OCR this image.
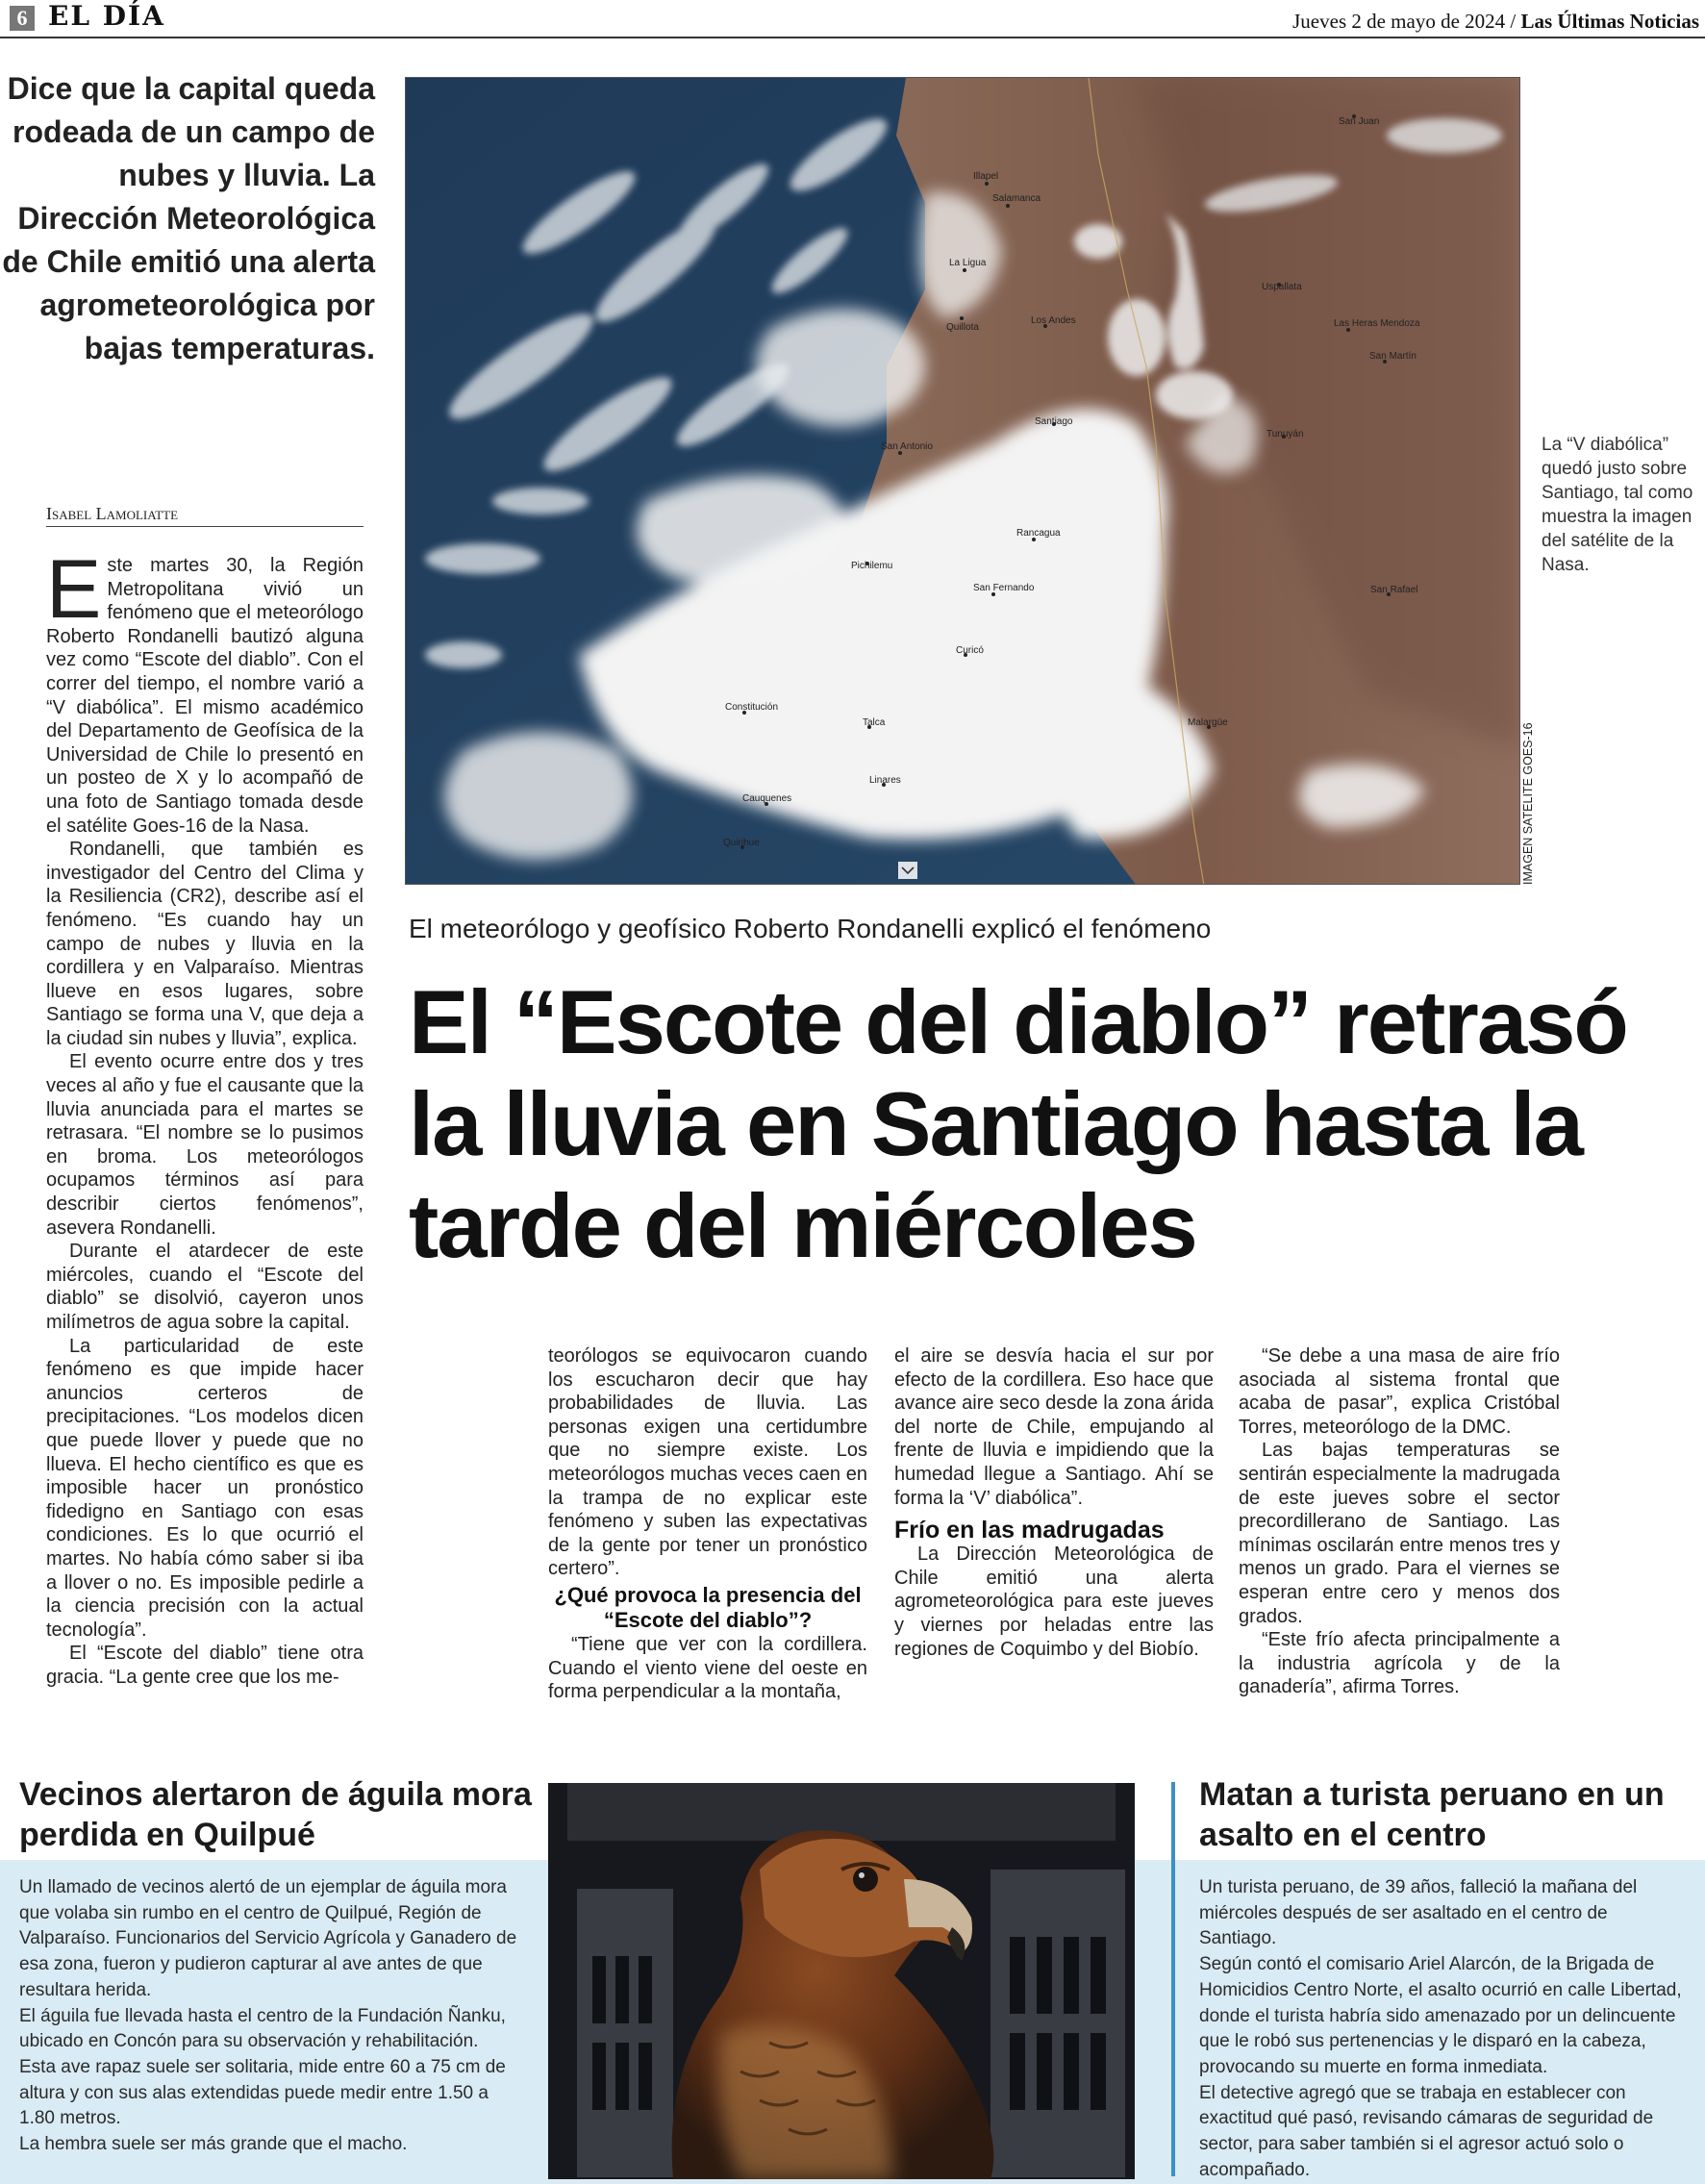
6 EL DÍA	Jueves 2 de mayo de 2024 / Las Últimas Noticias
Dice que la capital queda rodeada de un campo de nubes y lluvia. La Dirección Meteorológica de Chile emitió una alerta agrometeorológica por bajas temperaturas.
Isabel Lamoliatte
E ste martes 30, la Región Metropolitana vivió un fenómeno que el meteorólogo Roberto Rondanelli bautizó alguna vez como “Escote del diablo”. Con el correr del tiempo, el nombre varió a “V diabólica”. El mismo académico del Departamento de Geofísica de la Universidad de Chile lo presentó en un posteo de X y lo acompañó de una foto de Santiago tomada desde el satélite Goes-16 de la Nasa.

Rondanelli, que también es investigador del Centro del Clima y la Resiliencia (CR2), describe así el fenómeno. “Es cuando hay un campo de nubes y lluvia en la cordillera y en Valparaíso. Mientras llueve en esos lugares, sobre Santiago se forma una V, que deja a la ciudad sin nubes y lluvia”, explica.

El evento ocurre entre dos y tres veces al año y fue el causante que la lluvia anunciada para el martes se retrasara. “El nombre se lo pusimos en broma. Los meteorólogos ocupamos términos así para describir ciertos fenómenos”, asevera Rondanelli.

Durante el atardecer de este miércoles, cuando el “Escote del diablo” se disolvió, cayeron unos milímetros de agua sobre la capital.

La particularidad de este fenómeno es que impide hacer anuncios certeros de precipitaciones. “Los modelos dicen que puede llover y puede que no llueva. El hecho científico es que es imposible hacer un pronóstico fidedigno en Santiago con esas condiciones. Es lo que ocurrió el martes. No había cómo saber si iba a llover o no. Es imposible pedirle a la ciencia precisión con la actual tecnología”.

El “Escote del diablo” tiene otra gracia. “La gente cree que los me-

Illapel
Salamanca
La Ligua
Quillota
Los Andes
San Juan
Uspallata
Las Heras Mendoza
San Martín
Santiago
Tunuyán
San Antonio
Rancagua
Pichilemu
San Fernando	San Rafael
Curicó
Constitución
Talca	Malargüe
Linares
Cauquenes
Quirihue	IMAGEN SATELITE GOES-16
La “V diabólica” quedó justo sobre Santiago, tal como muestra la imagen del satélite de la Nasa.
El meteorólogo y geofísico Roberto Rondanelli explicó el fenómeno
El “Escote del diablo” retrasó la lluvia en Santiago hasta la tarde del miércoles

teorólogos se equivocaron cuando los escucharon decir que hay probabilidades de lluvia. Las personas exigen una certidumbre que no siempre existe. Los meteorólogos muchas veces caen en la trampa de no explicar este fenómeno y suben las expectativas de la gente por tener un pronóstico certero”.

¿Qué provoca la presencia del “Escote del diablo”?

“Tiene que ver con la cordillera. Cuando el viento viene del oeste en forma perpendicular a la montaña,

el aire se desvía hacia el sur por efecto de la cordillera. Eso hace que avance aire seco desde la zona árida del norte de Chile, empujando al frente de lluvia e impidiendo que la humedad llegue a Santiago. Ahí se forma la ‘V’ diabólica”.

Frío en las madrugadas

La Dirección Meteorológica de Chile emitió una alerta agrometeorológica para este jueves y viernes por heladas entre las regiones de Coquimbo y del Biobío.

“Se debe a una masa de aire frío asociada al sistema frontal que acaba de pasar”, explica Cristóbal Torres, meteorólogo de la DMC.

Las bajas temperaturas se sentirán especialmente la madrugada de este jueves sobre el sector precordillerano de Santiago. Las mínimas oscilarán entre menos tres y menos un grado. Para el viernes se esperan entre cero y menos dos grados.

“Este frío afecta principalmente a la industria agrícola y de la ganadería”, afirma Torres.

Vecinos alertaron de águila mora perdida en Quilpué

Un llamado de vecinos alertó de un ejemplar de águila mora que volaba sin rumbo en el centro de Quilpué, Región de Valparaíso. Funcionarios del Servicio Agrícola y Ganadero de esa zona, fueron y pudieron capturar al ave antes de que resultara herida.

El águila fue llevada hasta el centro de la Fundación Ñanku, ubicado en Concón para su observación y rehabilitación.

Esta ave rapaz suele ser solitaria, mide entre 60 a 75 cm de altura y con sus alas extendidas puede medir entre 1.50 a 1.80 metros.

La hembra suele ser más grande que el macho.

Matan a turista peruano en un asalto en el centro

Un turista peruano, de 39 años, falleció la mañana del miércoles después de ser asaltado en el centro de Santiago.

Según contó el comisario Ariel Alarcón, de la Brigada de Homicidios Centro Norte, el asalto ocurrió en calle Libertad, donde el turista habría sido amenazado por un delincuente que le robó sus pertenencias y le disparó en la cabeza, provocando su muerte en forma inmediata.

El detective agregó que se trabaja en establecer con exactitud qué pasó, revisando cámaras de seguridad de sector, para saber también si el agresor actuó solo o acompañado.
